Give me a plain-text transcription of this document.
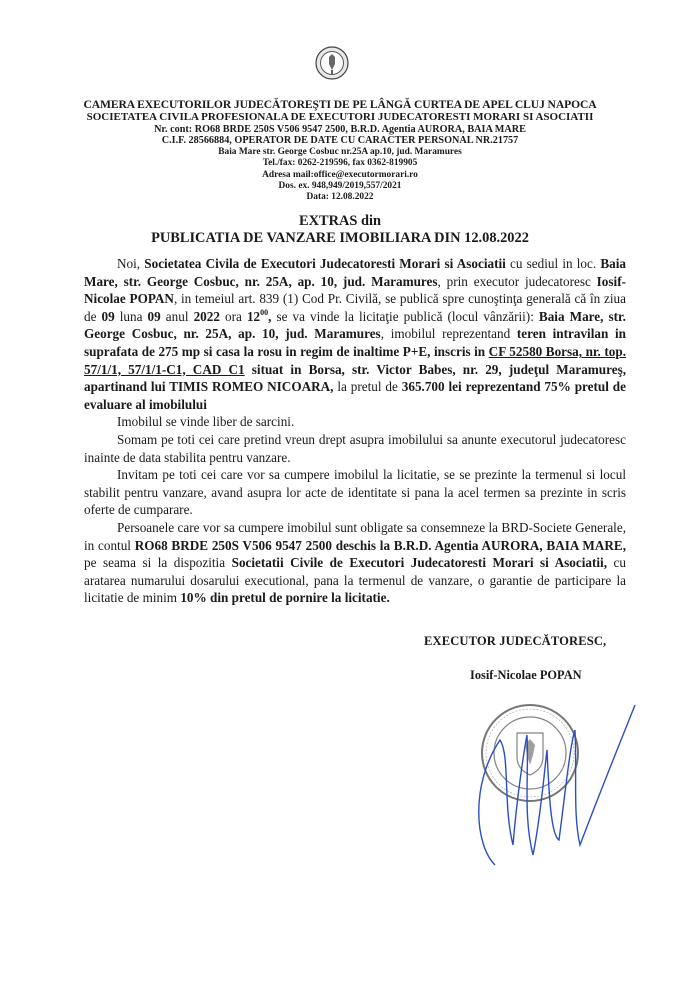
CAMERA EXECUTORILOR JUDECĂTOREŞTI DE PE LÂNGĂ CURTEA DE APEL CLUJ NAPOCA
SOCIETATEA CIVILA PROFESIONALA DE EXECUTORI JUDECATORESTI MORARI SI ASOCIATII
Nr. cont: RO68 BRDE 250S V506 9547 2500, B.R.D. Agentia AURORA, BAIA MARE
C.I.F. 28566884, OPERATOR DE DATE CU CARACTER PERSONAL NR.21757
Baia Mare str. George Cosbuc nr.25A ap.10, jud. Maramures
Tel./fax: 0262-219596, fax 0362-819905
Adresa mail:office@executormorari.ro
Dos. ex. 948,949/2019,557/2021
Data: 12.08.2022
EXTRAS din
PUBLICATIA DE VANZARE IMOBILIARA DIN 12.08.2022

Noi, Societatea Civila de Executori Judecatoresti Morari si Asociatii cu sediul in loc. Baia Mare, str. George Cosbuc, nr. 25A, ap. 10, jud. Maramures, prin executor judecatoresc Iosif-Nicolae POPAN, in temeiul art. 839 (1) Cod Pr. Civilă, se publică spre cunoştinţa generală că în ziua de 09 luna 09 anul 2022 ora $12^{00}$, se va vinde la licitaţie publică (locul vânzării): Baia Mare, str. George Cosbuc, nr. 25A, ap. 10, jud. Maramures, imobilul reprezentand teren intravilan in suprafata de 275 mp si casa la rosu in regim de inaltime P+E, inscris in CF 52580 Borsa, nr. top. 57/1/1, 57/1/1-C1, CAD C1 situat in Borsa, str. Victor Babes, nr. 29, judeţul Maramureş, apartinand lui TIMIS ROMEO NICOARA, la pretul de 365.700 lei reprezentand 75% pretul de evaluare al imobilului

Imobilul se vinde liber de sarcini.

Somam pe toti cei care pretind vreun drept asupra imobilului sa anunte executorul judecatoresc inainte de data stabilita pentru vanzare.

Invitam pe toti cei care vor sa cumpere imobilul la licitatie, se se prezinte la termenul si locul stabilit pentru vanzare, avand asupra lor acte de identitate si pana la acel termen sa prezinte in scris oferte de cumparare.

Persoanele care vor sa cumpere imobilul sunt obligate sa consemneze la BRD-Societe Generale, in contul RO68 BRDE 250S V506 9547 2500 deschis la B.R.D. Agentia AURORA, BAIA MARE, pe seama si la dispozitia Societatii Civile de Executori Judecatoresti Morari si Asociatii, cu aratarea numarului dosarului executional, pana la termenul de vanzare, o garantie de participare la licitatie de minim 10% din pretul de pornire la licitatie.

EXECUTOR JUDECĂTORESC,
Iosif-Nicolae POPAN
